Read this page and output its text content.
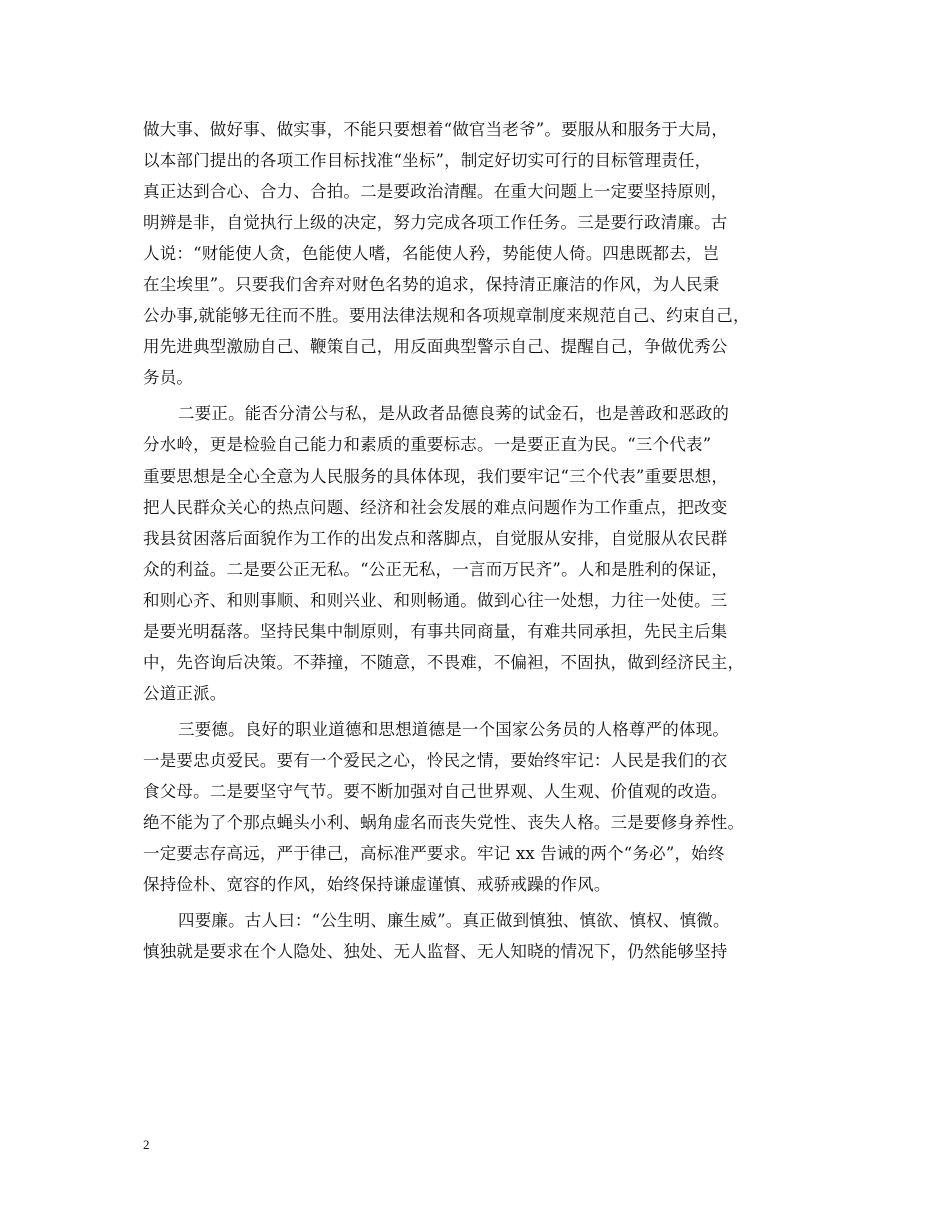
做大事、做好事、做实事，不能只要想着“做官当老爷”。要服从和服务于大局，
以本部门提出的各项工作目标找准“坐标”，制定好切实可行的目标管理责任，
真正达到合心、合力、合拍。二是要政治清醒。在重大问题上一定要坚持原则，
明辨是非，自觉执行上级的决定，努力完成各项工作任务。三是要行政清廉。古
人说：“财能使人贪，色能使人嗜，名能使人矜，势能使人倚。四患既都去，岂
在尘埃里”。只要我们舍弃对财色名势的追求，保持清正廉洁的作风，为人民秉
公办事,就能够无往而不胜。要用法律法规和各项规章制度来规范自己、约束自己，
用先进典型激励自己、鞭策自己，用反面典型警示自己、提醒自己，争做优秀公
务员。
二要正。能否分清公与私，是从政者品德良莠的试金石，也是善政和恶政的
分水岭，更是检验自己能力和素质的重要标志。一是要正直为民。“三个代表”
重要思想是全心全意为人民服务的具体体现，我们要牢记“三个代表”重要思想，
把人民群众关心的热点问题、经济和社会发展的难点问题作为工作重点，把改变
我县贫困落后面貌作为工作的出发点和落脚点，自觉服从安排，自觉服从农民群
众的利益。二是要公正无私。“公正无私，一言而万民齐”。人和是胜利的保证，
和则心齐、和则事顺、和则兴业、和则畅通。做到心往一处想，力往一处使。三
是要光明磊落。坚持民集中制原则，有事共同商量，有难共同承担，先民主后集
中，先咨询后决策。不莽撞，不随意，不畏难，不偏袒，不固执，做到经济民主，
公道正派。
三要德。良好的职业道德和思想道德是一个国家公务员的人格尊严的体现。
一是要忠贞爱民。要有一个爱民之心，怜民之情，要始终牢记：人民是我们的衣
食父母。二是要坚守气节。要不断加强对自己世界观、人生观、价值观的改造。
绝不能为了个那点蝇头小利、蜗角虚名而丧失党性、丧失人格。三是要修身养性。
一定要志存高远，严于律己，高标准严要求。牢记 xx 告诫的两个“务必”，始终
保持俭朴、宽容的作风，始终保持谦虚谨慎、戒骄戒躁的作风。
四要廉。古人曰：“公生明、廉生威”。真正做到慎独、慎欲、慎权、慎微。
慎独就是要求在个人隐处、独处、无人监督、无人知晓的情况下，仍然能够坚持
2
